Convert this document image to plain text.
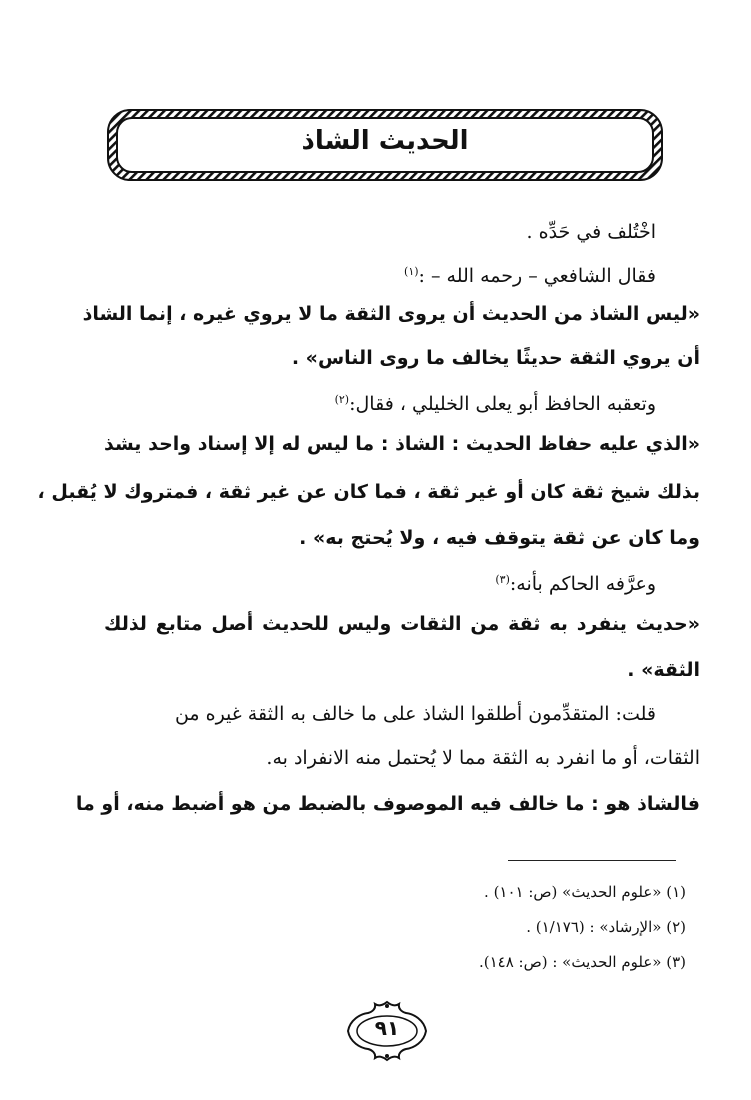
الحديث الشاذ
اخْتُلف في حَدِّه .
فقال الشافعي – رحمه الله – :$^{(١)}$
«ليس الشاذ من الحديث أن يروى الثقة ما لا يروي غيره ، إنما الشاذ
أن يروي الثقة حديثًا يخالف ما روى الناس» .
وتعقبه الحافظ أبو يعلى الخليلي ، فقال:$^{(٢)}$
«الذي عليه حفاظ الحديث : الشاذ : ما ليس له إلا إسناد واحد يشذ
بذلك شيخ ثقة كان أو غير ثقة ، فما كان عن غير ثقة ، فمتروك لا يُقبل ،
وما كان عن ثقة يتوقف فيه ، ولا يُحتج به» .
وعرَّفه الحاكم بأنه:$^{(٣)}$
«حديث ينفرد به ثقة من الثقات وليس للحديث أصل متابع لذلك
الثقة» .
قلت: المتقدِّمون أطلقوا الشاذ على ما خالف به الثقة غيره من
الثقات، أو ما انفرد به الثقة مما لا يُحتمل منه الانفراد به.
فالشاذ هو : ما خالف فيه الموصوف بالضبط من هو أضبط منه، أو ما
(١) «علوم الحديث» (ص: ١٠١) .
(٢) «الإرشاد» : (١/١٧٦) .
(٣) «علوم الحديث» : (ص: ١٤٨).
٩١
